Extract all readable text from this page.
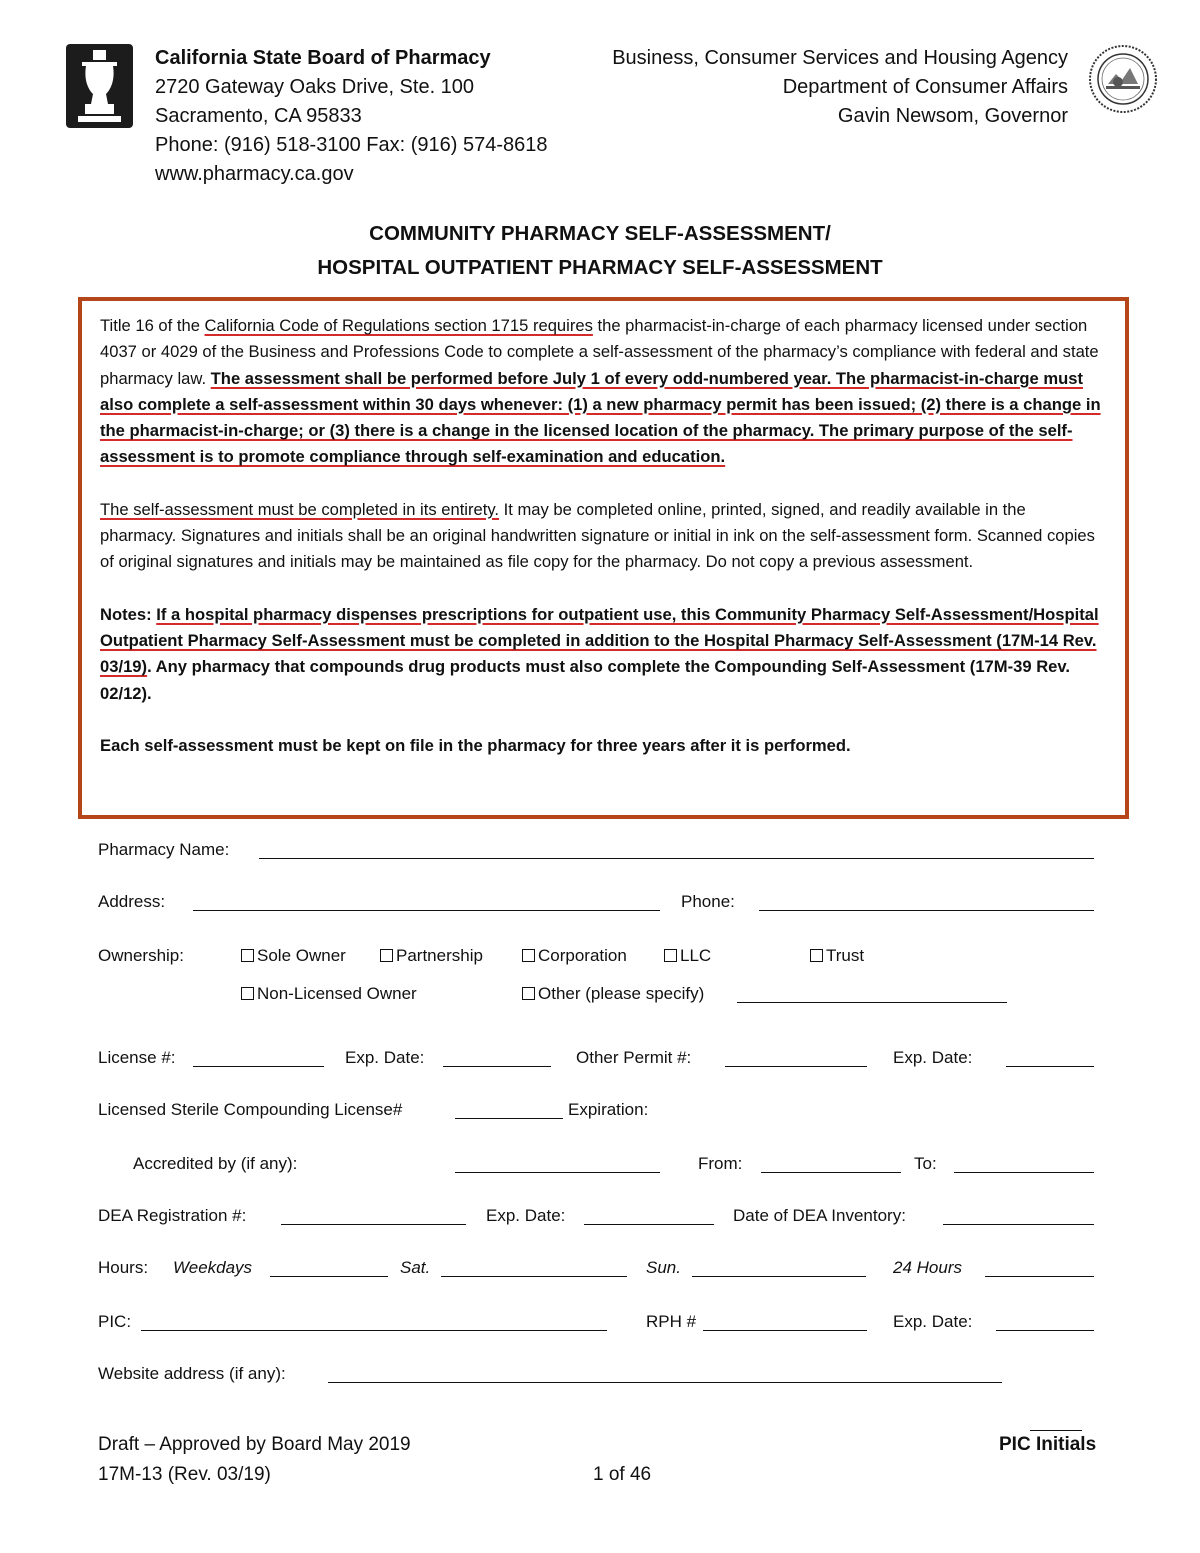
California State Board of Pharmacy
2720 Gateway Oaks Drive, Ste. 100
Sacramento, CA 95833
Phone: (916) 518-3100 Fax: (916) 574-8618
www.pharmacy.ca.gov
Business, Consumer Services and Housing Agency
Department of Consumer Affairs
Gavin Newsom, Governor
COMMUNITY PHARMACY SELF-ASSESSMENT/
HOSPITAL OUTPATIENT PHARMACY SELF-ASSESSMENT

Title 16 of the California Code of Regulations section 1715 requires the pharmacist-in-charge of each pharmacy licensed under section 4037 or 4029 of the Business and Professions Code to complete a self-assessment of the pharmacy’s compliance with federal and state pharmacy law. The assessment shall be performed before July 1 of every odd-numbered year. The pharmacist-in-charge must also complete a self-assessment within 30 days whenever: (1) a new pharmacy permit has been issued; (2) there is a change in the pharmacist-in-charge; or (3) there is a change in the licensed location of the pharmacy. The primary purpose of the self-assessment is to promote compliance through self-examination and education.

The self-assessment must be completed in its entirety. It may be completed online, printed, signed, and readily available in the pharmacy. Signatures and initials shall be an original handwritten signature or initial in ink on the self-assessment form. Scanned copies of original signatures and initials may be maintained as file copy for the pharmacy. Do not copy a previous assessment.

Notes: If a hospital pharmacy dispenses prescriptions for outpatient use, this Community Pharmacy Self-Assessment/Hospital Outpatient Pharmacy Self-Assessment must be completed in addition to the Hospital Pharmacy Self-Assessment (17M-14 Rev. 03/19). Any pharmacy that compounds drug products must also complete the Compounding Self-Assessment (17M-39 Rev. 02/12).

Each self-assessment must be kept on file in the pharmacy for three years after it is performed.

Pharmacy Name:
Address:	Phone:
Ownership:	Sole Owner	Partnership	Corporation	LLC	Trust
Non-Licensed Owner	Other (please specify)
License #:	Exp. Date:	Other Permit #:	Exp. Date:
Licensed Sterile Compounding License#	Expiration:
Accredited by (if any):	From:	To:
DEA Registration #:	Exp. Date:	Date of DEA Inventory:
Hours: Weekdays	Sat.	Sun.	24 Hours
PIC:	RPH #	Exp. Date:
Website address (if any):
Draft – Approved by Board May 2019
17M-13 (Rev. 03/19)	1 of 46
PIC Initials
